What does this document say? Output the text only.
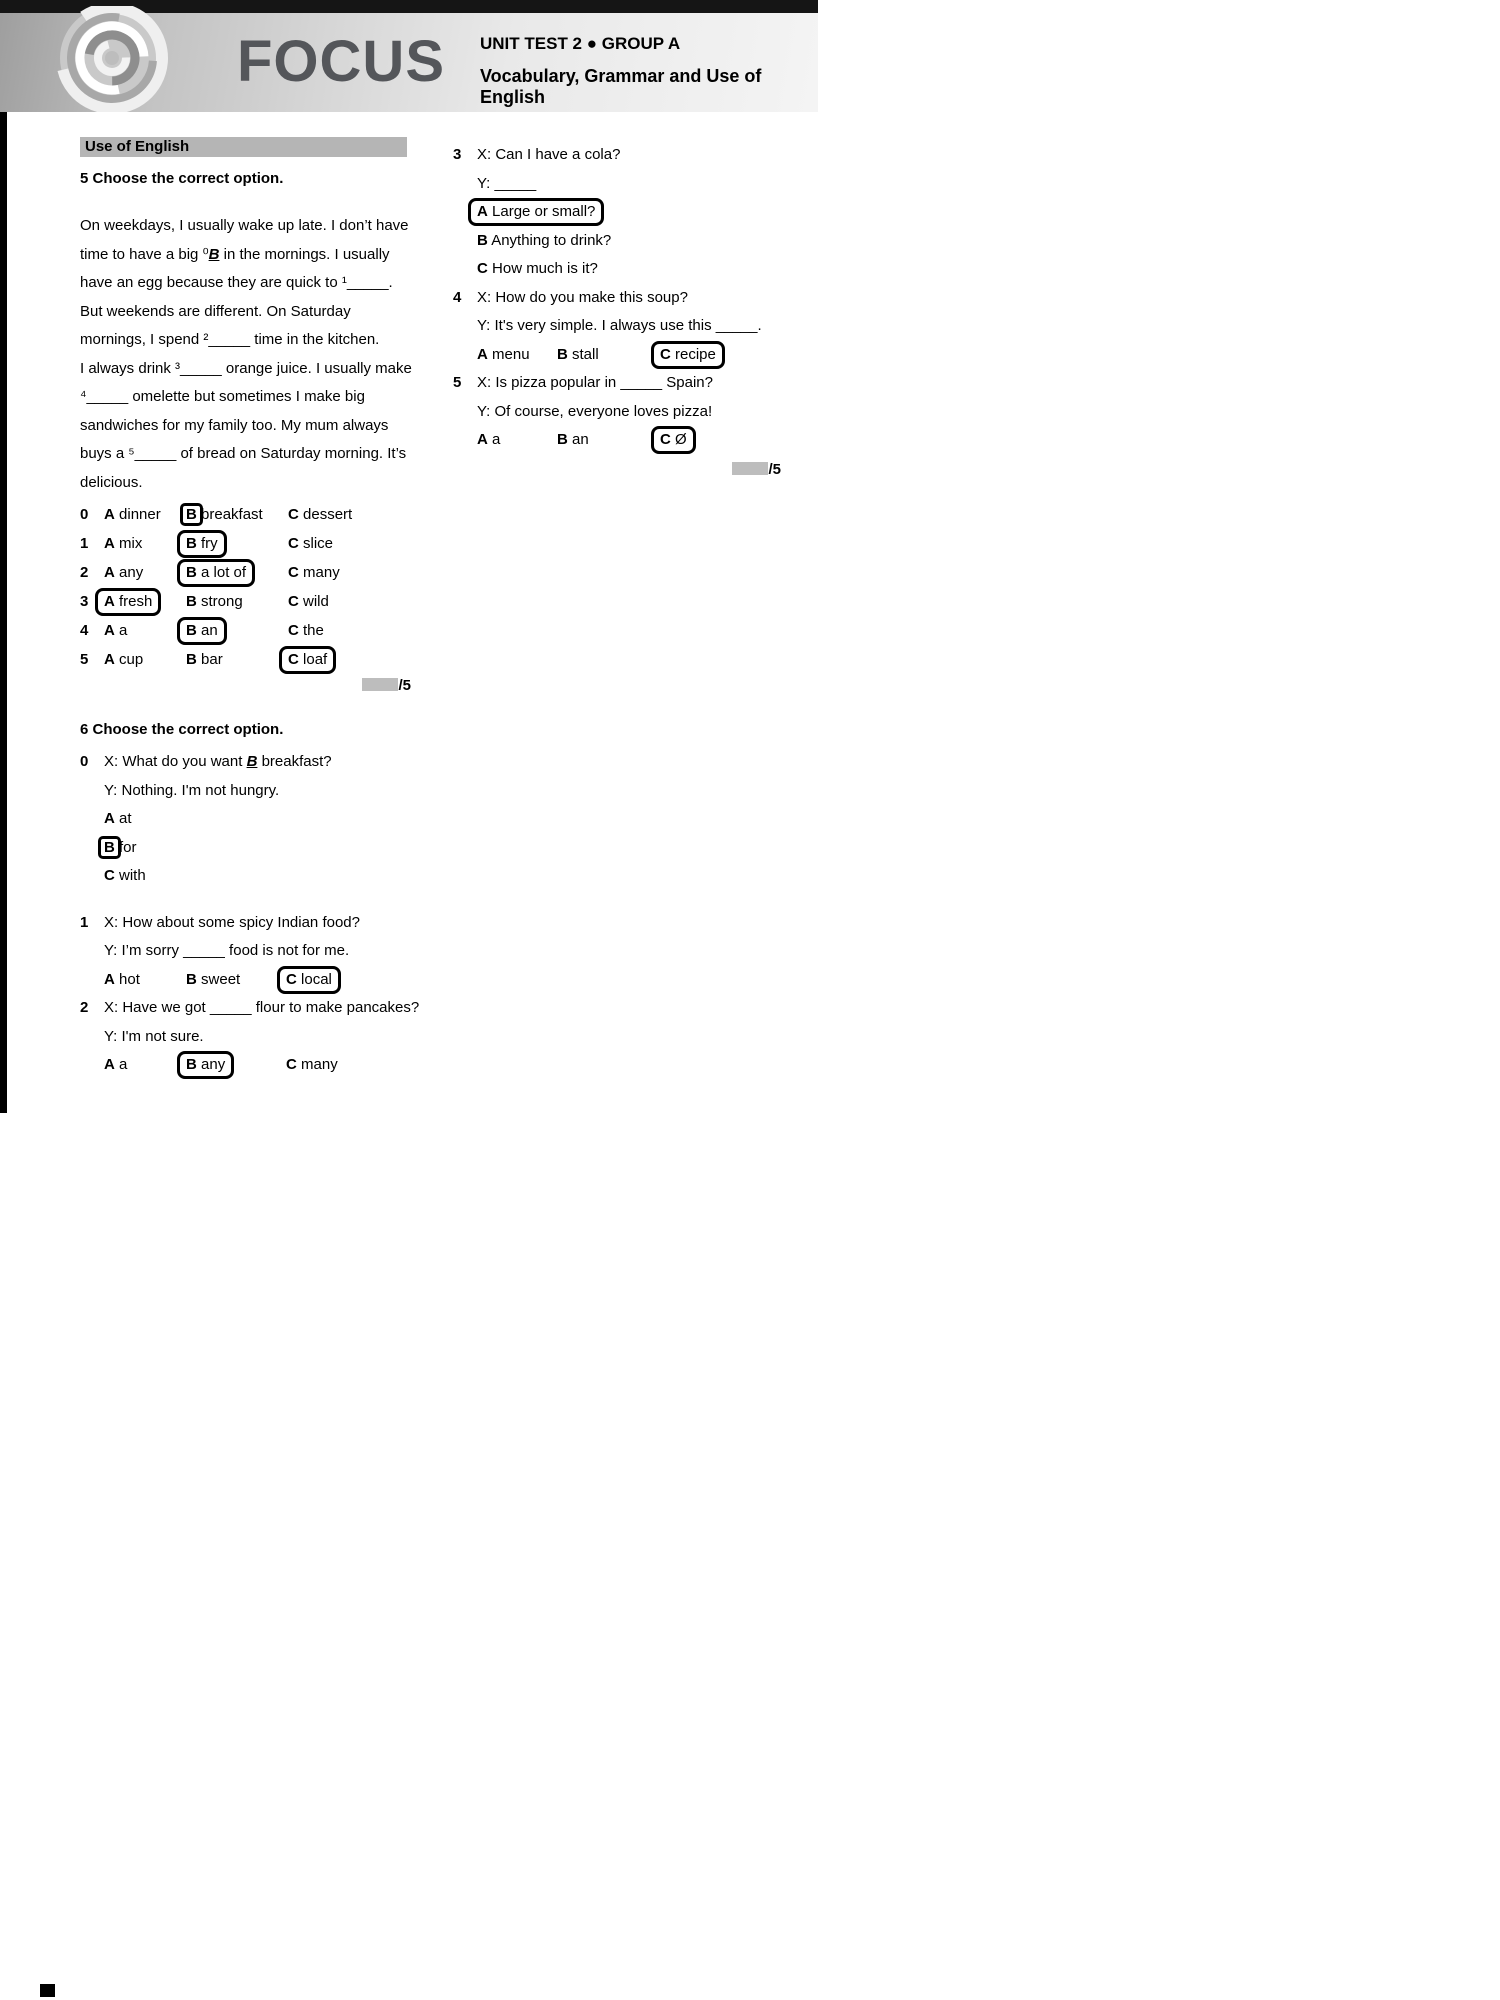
FOCUS UNIT TEST 2 ● GROUP A
Vocabulary, Grammar and Use of English
Use of English
5 Choose the correct option.
On weekdays, I usually wake up late. I don’t have
time to have a big ⁰B in the mornings. I usually
have an egg because they are quick to ¹_____.
But weekends are different. On Saturday
mornings, I spend ²_____ time in the kitchen.
I always drink ³_____ orange juice. I usually make
⁴_____ omelette but sometimes I make big
sandwiches for my family too. My mum always
buys a ⁵_____ of bread on Saturday morning. It’s
delicious.
0	A dinner	B breakfast	C dessert
1	A mix	B fry	C slice
2	A any	B a lot of	C many
3	A fresh	B strong	C wild
4	A a	B an	C the
5	A cup	B bar	C loaf
/5
6 Choose the correct option.
0	X: What do you want B breakfast?
Y: Nothing. I'm not hungry.
A at
B for
C with
1	X: How about some spicy Indian food?
Y: I’m sorry _____ food is not for me.
A hot	B sweet	C local
2	X: Have we got _____ flour to make pancakes?
Y: I'm not sure.
A a	B any	C many
3	X: Can I have a cola?
Y: _____
A Large or small?
B Anything to drink?
C How much is it?
4	X: How do you make this soup?
Y: It's very simple. I always use this _____.
A menu	B stall	C recipe
5	X: Is pizza popular in _____ Spain?
Y: Of course, everyone loves pizza!
A a	B an	C Ø
/5
